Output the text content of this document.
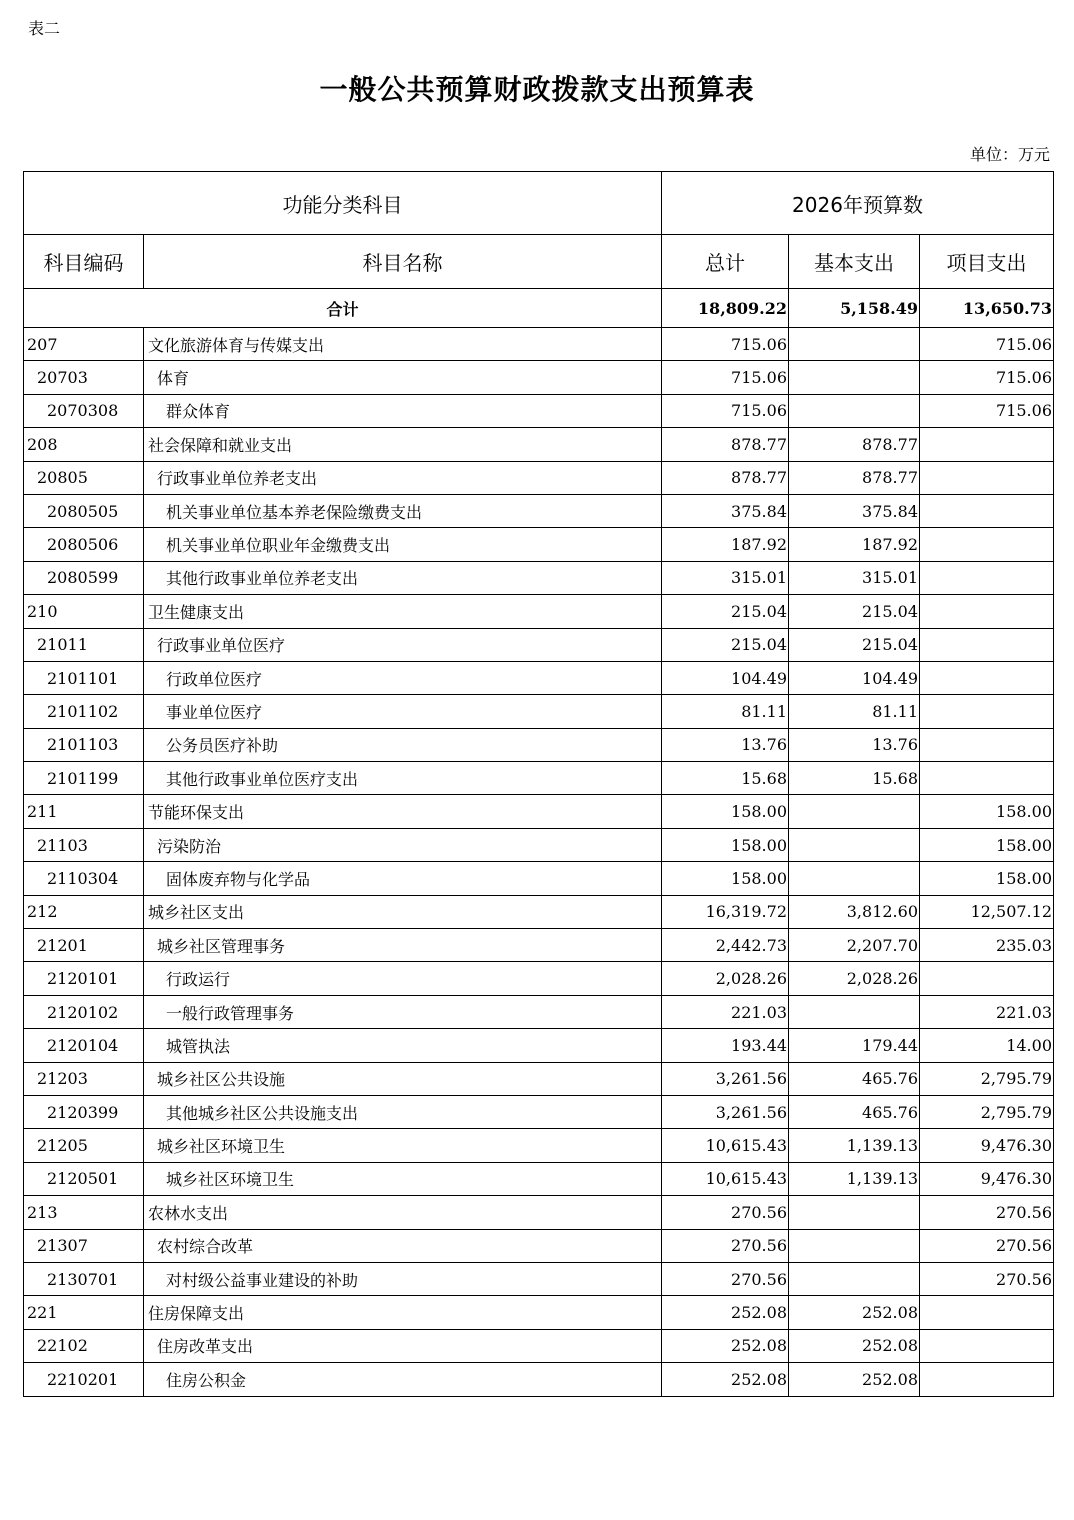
表二
一般公共预算财政拨款支出预算表
单位：万元
功能分类科目		2026年预算数		
科目编码	科目名称	总计	基本支出	项目支出
合计		18,809.22	5,158.49	13,650.73
207	文化旅游体育与传媒支出	715.06		715.06
20703	体育	715.06		715.06
2070308	群众体育	715.06		715.06
208	社会保障和就业支出	878.77	878.77	
20805	行政事业单位养老支出	878.77	878.77	
2080505	机关事业单位基本养老保险缴费支出	375.84	375.84	
2080506	机关事业单位职业年金缴费支出	187.92	187.92	
2080599	其他行政事业单位养老支出	315.01	315.01	
210	卫生健康支出	215.04	215.04	
21011	行政事业单位医疗	215.04	215.04	
2101101	行政单位医疗	104.49	104.49	
2101102	事业单位医疗	81.11	81.11	
2101103	公务员医疗补助	13.76	13.76	
2101199	其他行政事业单位医疗支出	15.68	15.68	
211	节能环保支出	158.00		158.00
21103	污染防治	158.00		158.00
2110304	固体废弃物与化学品	158.00		158.00
212	城乡社区支出	16,319.72	3,812.60	12,507.12
21201	城乡社区管理事务	2,442.73	2,207.70	235.03
2120101	行政运行	2,028.26	2,028.26	
2120102	一般行政管理事务	221.03		221.03
2120104	城管执法	193.44	179.44	14.00
21203	城乡社区公共设施	3,261.56	465.76	2,795.79
2120399	其他城乡社区公共设施支出	3,261.56	465.76	2,795.79
21205	城乡社区环境卫生	10,615.43	1,139.13	9,476.30
2120501	城乡社区环境卫生	10,615.43	1,139.13	9,476.30
213	农林水支出	270.56		270.56
21307	农村综合改革	270.56		270.56
2130701	对村级公益事业建设的补助	270.56		270.56
221	住房保障支出	252.08	252.08	
22102	住房改革支出	252.08	252.08	
2210201	住房公积金	252.08	252.08	
